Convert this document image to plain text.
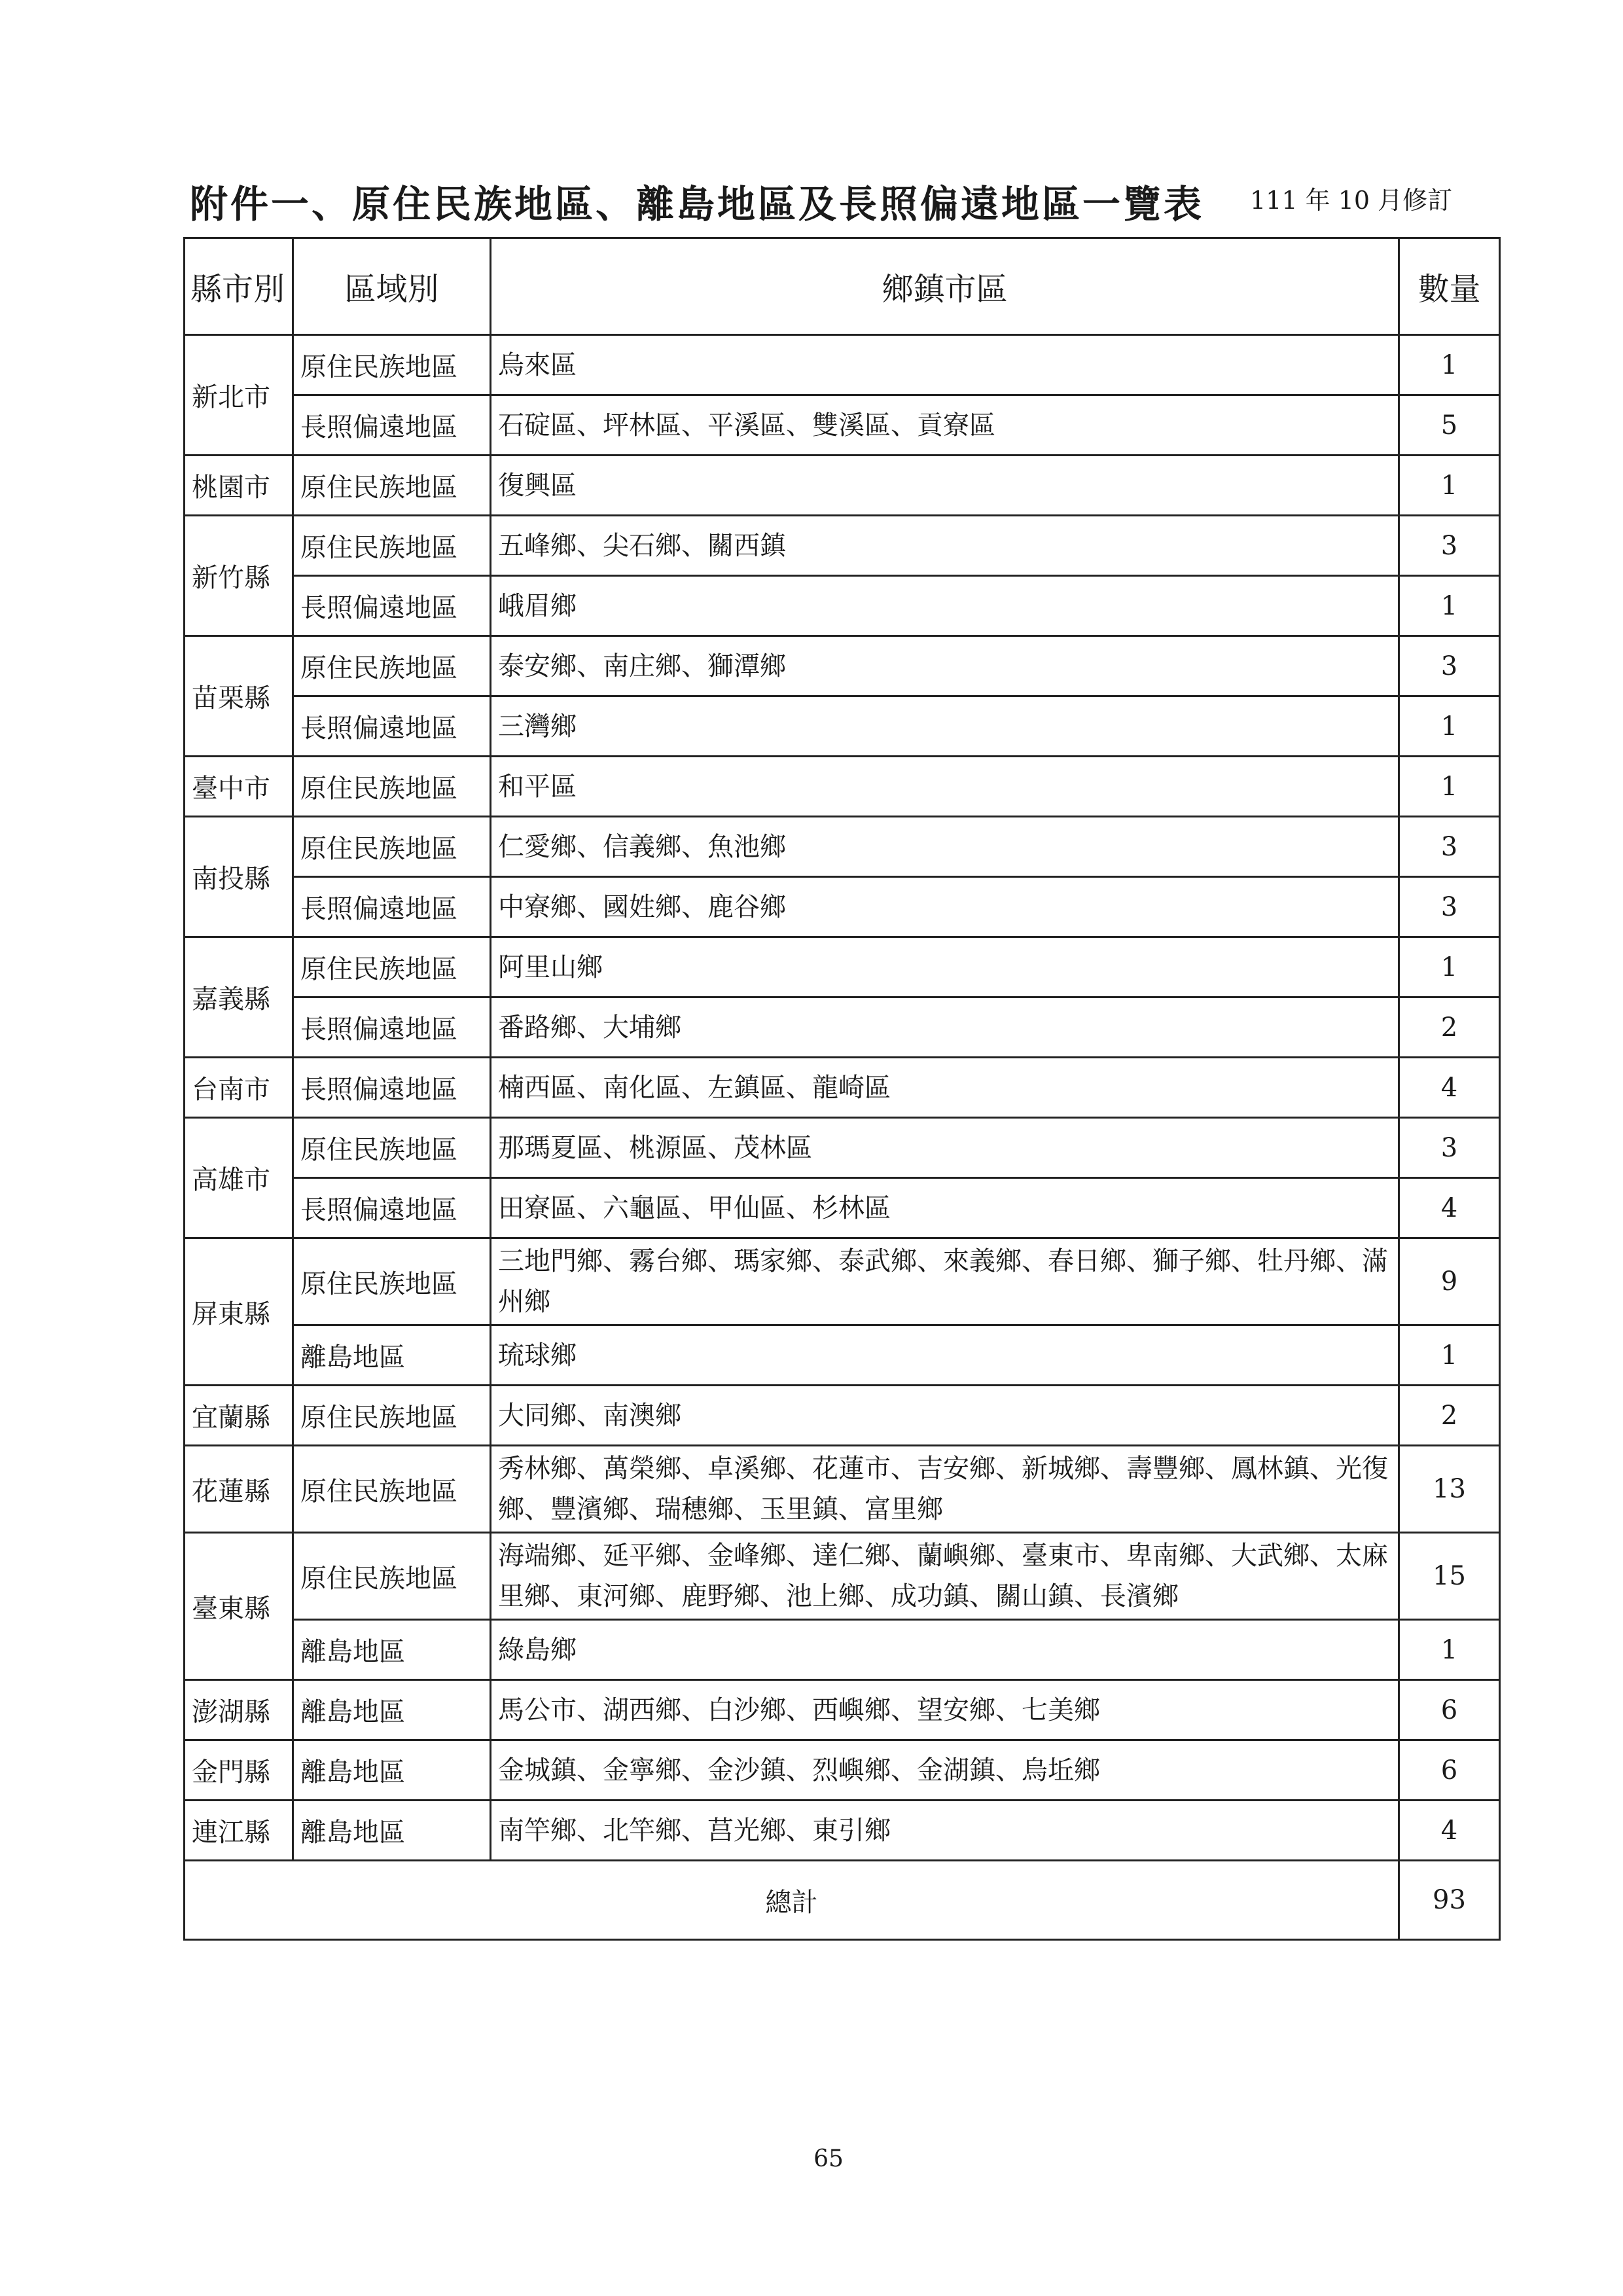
附件一、原住民族地區、離島地區及長照偏遠地區一覽表 111 年 10 月修訂
縣市別	區域別	鄉鎮市區	數量
新北市	原住民族地區	烏來區	1
	長照偏遠地區	石碇區、坪林區、平溪區、雙溪區、貢寮區	5
桃園市	原住民族地區	復興區	1
新竹縣	原住民族地區	五峰鄉、尖石鄉、關西鎮	3
	長照偏遠地區	峨眉鄉	1
苗栗縣	原住民族地區	泰安鄉、南庄鄉、獅潭鄉	3
	長照偏遠地區	三灣鄉	1
臺中市	原住民族地區	和平區	1
南投縣	原住民族地區	仁愛鄉、信義鄉、魚池鄉	3
	長照偏遠地區	中寮鄉、國姓鄉、鹿谷鄉	3
嘉義縣	原住民族地區	阿里山鄉	1
	長照偏遠地區	番路鄉、大埔鄉	2
台南市	長照偏遠地區	楠西區、南化區、左鎮區、龍崎區	4
高雄市	原住民族地區	那瑪夏區、桃源區、茂林區	3
	長照偏遠地區	田寮區、六龜區、甲仙區、杉林區	4
屏東縣	原住民族地區	三地門鄉、霧台鄉、瑪家鄉、泰武鄉、來義鄉、春日鄉、獅子鄉、牡丹鄉、滿州鄉	9
	離島地區	琉球鄉	1
宜蘭縣	原住民族地區	大同鄉、南澳鄉	2
花蓮縣	原住民族地區	秀林鄉、萬榮鄉、卓溪鄉、花蓮市、吉安鄉、新城鄉、壽豐鄉、鳳林鎮、光復鄉、豐濱鄉、瑞穗鄉、玉里鎮、富里鄉	13
臺東縣	原住民族地區	海端鄉、延平鄉、金峰鄉、達仁鄉、蘭嶼鄉、臺東市、卑南鄉、大武鄉、太麻里鄉、東河鄉、鹿野鄉、池上鄉、成功鎮、關山鎮、長濱鄉	15
	離島地區	綠島鄉	1
澎湖縣	離島地區	馬公市、湖西鄉、白沙鄉、西嶼鄉、望安鄉、七美鄉	6
金門縣	離島地區	金城鎮、金寧鄉、金沙鎮、烈嶼鄉、金湖鎮、烏坵鄉	6
連江縣	離島地區	南竿鄉、北竿鄉、莒光鄉、東引鄉	4
總計			93
65
